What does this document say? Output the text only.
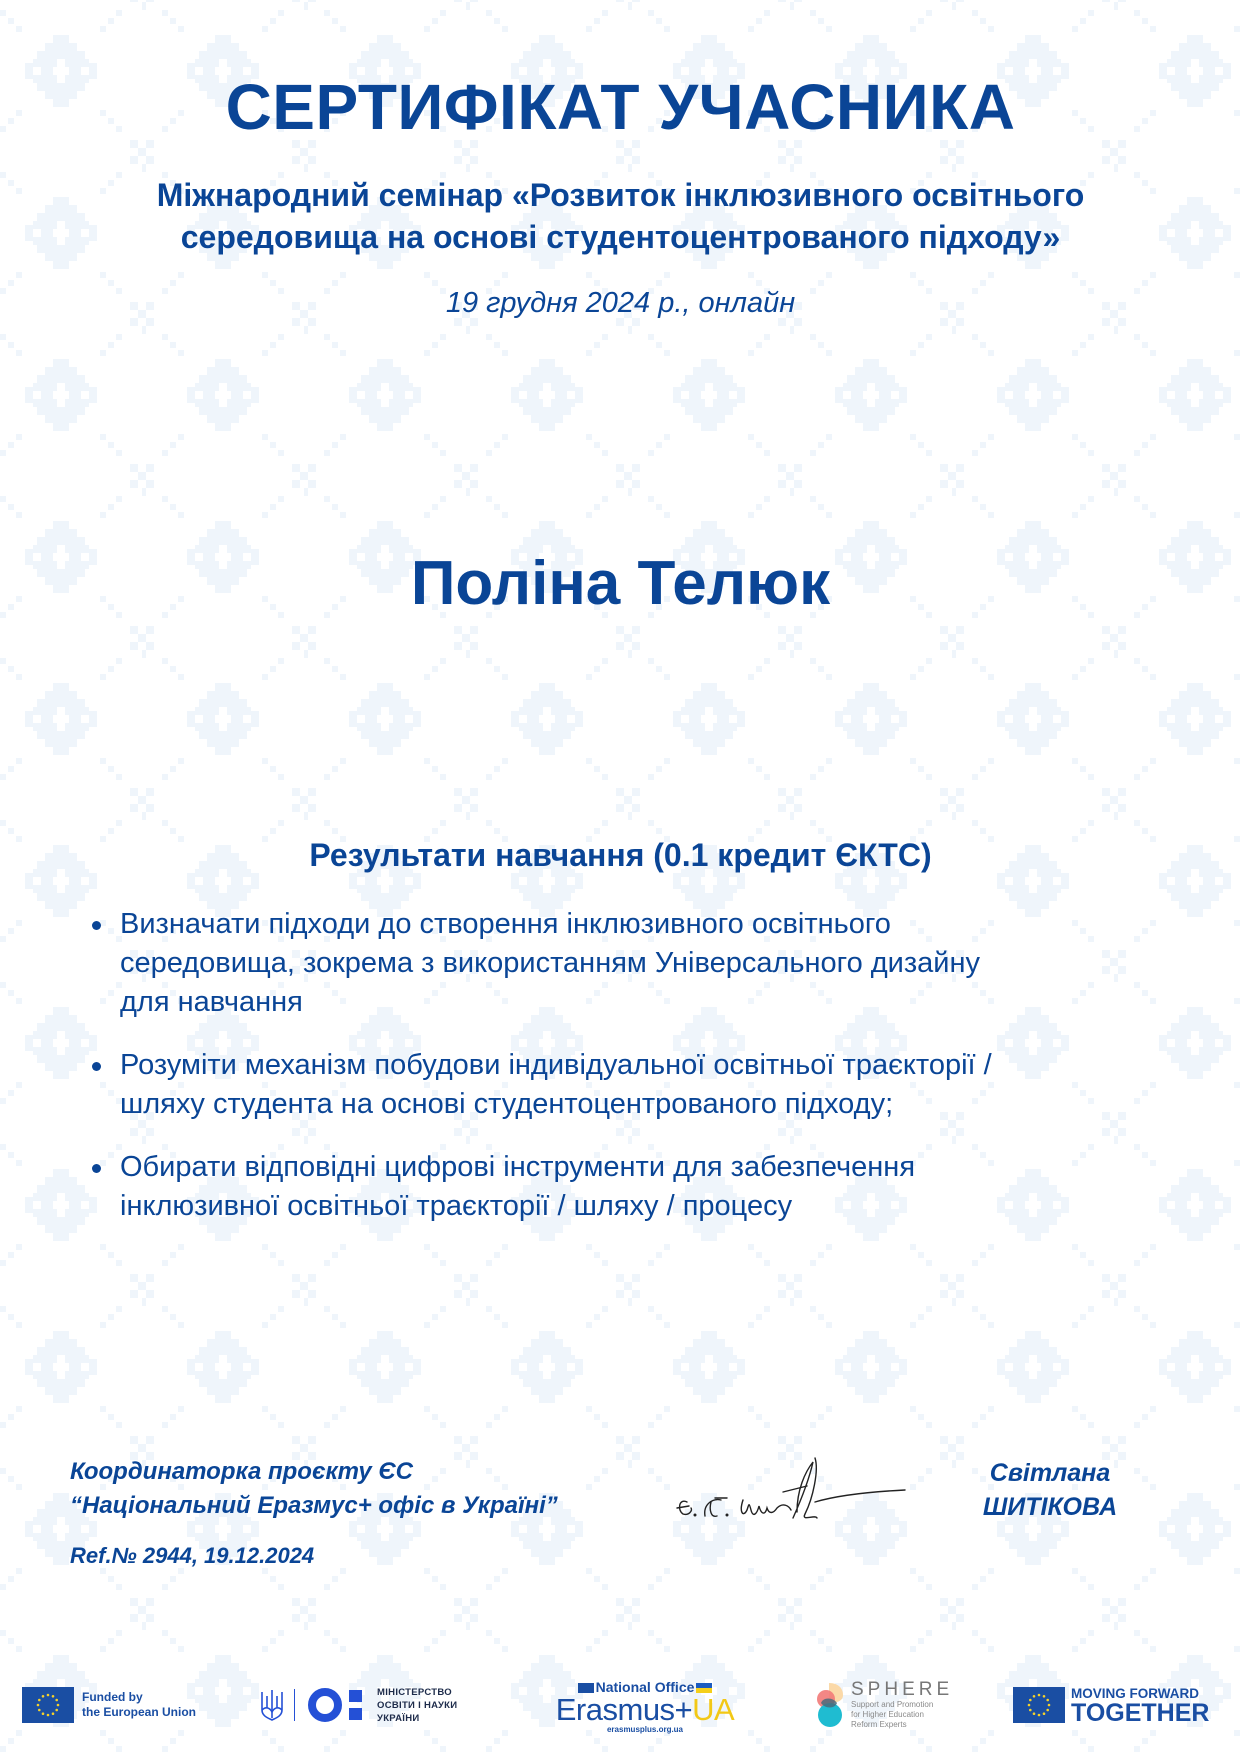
СЕРТИФІКАТ УЧАСНИКА
Міжнародний семінар «Розвиток інклюзивного освітнього
середовища на основі студентоцентрованого підходу»
19 грудня 2024 р., онлайн
Поліна Телюк
Результати навчання (0.1 кредит ЄКТС)
Визначати підходи до створення інклюзивного освітнього
середовища, зокрема з використанням Універсального дизайну
для навчання
Розуміти механізм побудови індивідуальної освітньої траєкторії /
шляху студента на основі студентоцентрованого підходу;
Обирати відповідні цифрові інструменти для забезпечення
інклюзивної освітньої траєкторії / шляху / процесу
Координаторка проєкту ЄС
“Національний Еразмус+ офіс в Україні”
Ref.№ 2944, 19.12.2024
Світлана
ШИТІКОВА
Funded by
the European Union
МІНІСТЕРСТВО
ОСВІТИ І НАУКИ
УКРАЇНИ
National Office
Erasmus+UA
erasmusplus.org.ua
SPHERE
Support and Promotion
for Higher Education
Reform Experts
MOVING FORWARD
TOGETHER
